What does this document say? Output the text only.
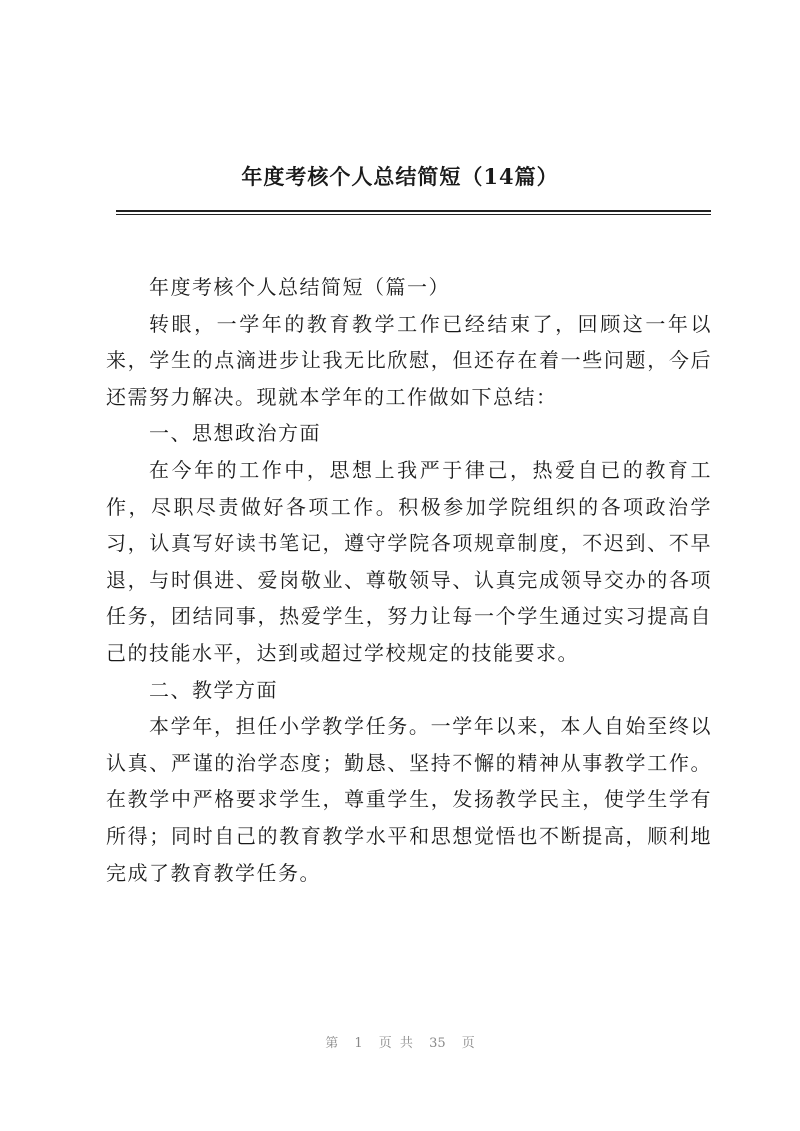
年度考核个人总结简短（14篇）

年度考核个人总结简短（篇一）

转眼，一学年的教育教学工作已经结束了，回顾这一年以来，学生的点滴进步让我无比欣慰，但还存在着一些问题，今后还需努力解决。现就本学年的工作做如下总结：

一、思想政治方面

在今年的工作中，思想上我严于律己，热爱自已的教育工作，尽职尽责做好各项工作。积极参加学院组织的各项政治学习，认真写好读书笔记，遵守学院各项规章制度，不迟到、不早退，与时俱进、爱岗敬业、尊敬领导、认真完成领导交办的各项任务，团结同事，热爱学生，努力让每一个学生通过实习提高自己的技能水平，达到或超过学校规定的技能要求。

二、教学方面

本学年，担任小学教学任务。一学年以来，本人自始至终以认真、严谨的治学态度；勤恳、坚持不懈的精神从事教学工作。在教学中严格要求学生，尊重学生，发扬教学民主，使学生学有所得；同时自己的教育教学水平和思想觉悟也不断提高，顺利地完成了教育教学任务。

第 1 页 共 35 页
